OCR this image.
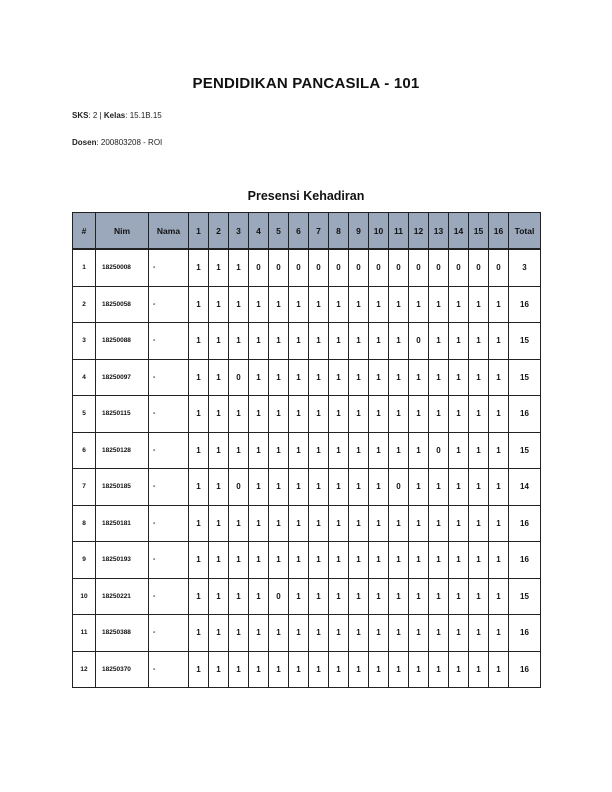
PENDIDIKAN PANCASILA - 101
SKS: 2 | Kelas: 15.1B.15
Dosen: 200803208 - ROI
Presensi Kehadiran
#	Nim	Nama	1	2	3	4	5	6	7	8	9	10	11	12	13	14	15	16	Total
1	18250008	-	1	1	1	0	0	0	0	0	0	0	0	0	0	0	0	0	3
2	18250058	-	1	1	1	1	1	1	1	1	1	1	1	1	1	1	1	1	16
3	18250088	-	1	1	1	1	1	1	1	1	1	1	1	0	1	1	1	1	15
4	18250097	-	1	1	0	1	1	1	1	1	1	1	1	1	1	1	1	1	15
5	18250115	-	1	1	1	1	1	1	1	1	1	1	1	1	1	1	1	1	16
6	18250128	-	1	1	1	1	1	1	1	1	1	1	1	1	0	1	1	1	15
7	18250185	-	1	1	0	1	1	1	1	1	1	1	0	1	1	1	1	1	14
8	18250181	-	1	1	1	1	1	1	1	1	1	1	1	1	1	1	1	1	16
9	18250193	-	1	1	1	1	1	1	1	1	1	1	1	1	1	1	1	1	16
10	18250221	-	1	1	1	1	0	1	1	1	1	1	1	1	1	1	1	1	15
11	18250388	-	1	1	1	1	1	1	1	1	1	1	1	1	1	1	1	1	16
12	18250370	-	1	1	1	1	1	1	1	1	1	1	1	1	1	1	1	1	16
